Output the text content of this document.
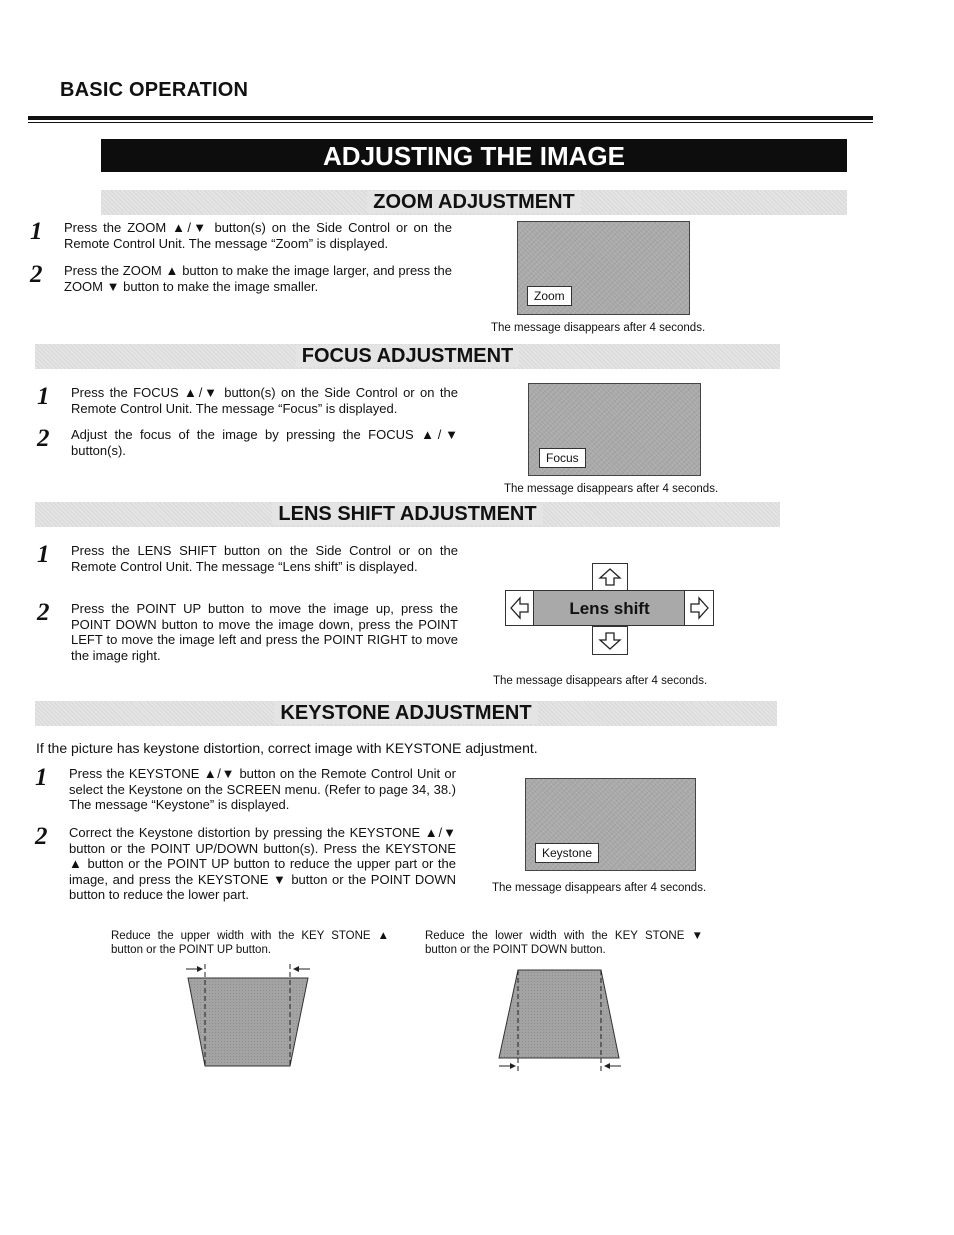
BASIC OPERATION
ADJUSTING THE IMAGE
ZOOM ADJUSTMENT
1 Press the ZOOM ▲/▼ button(s) on the Side Control or on the Remote Control Unit. The message “Zoom” is displayed.
2 Press the ZOOM ▲ button to make the image larger, and press the ZOOM ▼ button to make the image smaller.
Zoom
The message disappears after 4 seconds.
FOCUS ADJUSTMENT
1 Press the FOCUS ▲/▼ button(s) on the Side Control or on the Remote Control Unit. The message “Focus” is displayed.
2 Adjust the focus of the image by pressing the FOCUS ▲/▼ button(s).
Focus
The message disappears after 4 seconds.
LENS SHIFT ADJUSTMENT
1 Press the LENS SHIFT button on the Side Control or on the Remote Control Unit. The message “Lens shift” is displayed.
2 Press the POINT UP button to move the image up, press the POINT DOWN button to move the image down, press the POINT LEFT to move the image left and press the POINT RIGHT to move the image right.
Lens shift
The message disappears after 4 seconds.
KEYSTONE ADJUSTMENT
If the picture has keystone distortion, correct image with KEYSTONE adjustment.
1 Press the KEYSTONE ▲/▼ button on the Remote Control Unit or select the Keystone on the SCREEN menu. (Refer to page 34, 38.) The message “Keystone” is displayed.
2 Correct the Keystone distortion by pressing the KEYSTONE ▲/▼ button or the POINT UP/DOWN button(s). Press the KEYSTONE ▲ button or the POINT UP button to reduce the upper part or the image, and press the KEYSTONE ▼ button or the POINT DOWN button to reduce the lower part.
Keystone
The message disappears after 4 seconds.
Reduce the upper width with the KEY STONE ▲ button or the POINT UP button.
Reduce the lower width with the KEY STONE ▼ button or the POINT DOWN button.
